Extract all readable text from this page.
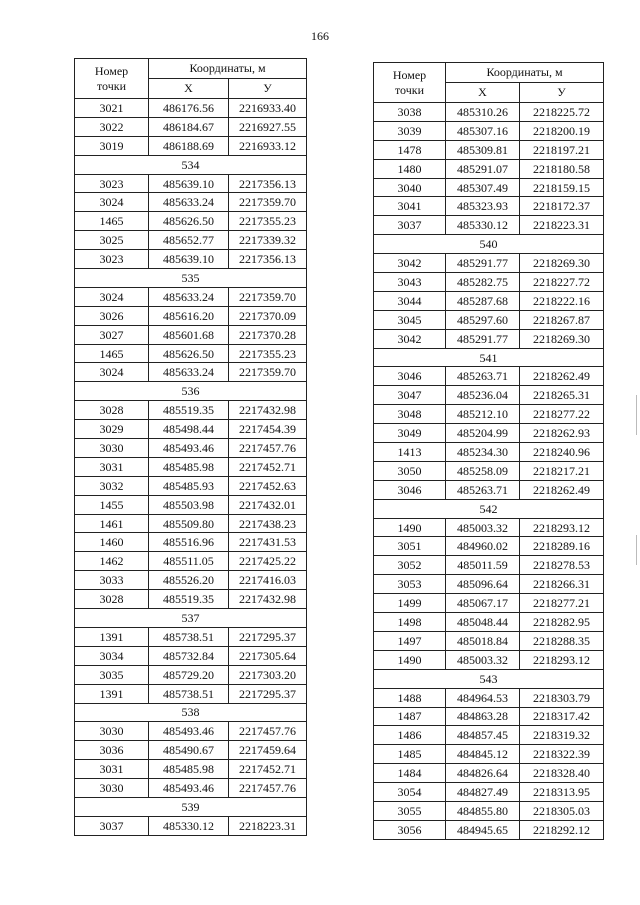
166
Номер
точки	Координаты, м	
	X	У
3021	486176.56	2216933.40
3022	486184.67	2216927.55
3019	486188.69	2216933.12
534		
3023	485639.10	2217356.13
3024	485633.24	2217359.70
1465	485626.50	2217355.23
3025	485652.77	2217339.32
3023	485639.10	2217356.13
535		
3024	485633.24	2217359.70
3026	485616.20	2217370.09
3027	485601.68	2217370.28
1465	485626.50	2217355.23
3024	485633.24	2217359.70
536		
3028	485519.35	2217432.98
3029	485498.44	2217454.39
3030	485493.46	2217457.76
3031	485485.98	2217452.71
3032	485485.93	2217452.63
1455	485503.98	2217432.01
1461	485509.80	2217438.23
1460	485516.96	2217431.53
1462	485511.05	2217425.22
3033	485526.20	2217416.03
3028	485519.35	2217432.98
537		
1391	485738.51	2217295.37
3034	485732.84	2217305.64
3035	485729.20	2217303.20
1391	485738.51	2217295.37
538		
3030	485493.46	2217457.76
3036	485490.67	2217459.64
3031	485485.98	2217452.71
3030	485493.46	2217457.76
539		
3037	485330.12	2218223.31
Номер
точки	Координаты, м	
	X	У
3038	485310.26	2218225.72
3039	485307.16	2218200.19
1478	485309.81	2218197.21
1480	485291.07	2218180.58
3040	485307.49	2218159.15
3041	485323.93	2218172.37
3037	485330.12	2218223.31
540		
3042	485291.77	2218269.30
3043	485282.75	2218227.72
3044	485287.68	2218222.16
3045	485297.60	2218267.87
3042	485291.77	2218269.30
541		
3046	485263.71	2218262.49
3047	485236.04	2218265.31
3048	485212.10	2218277.22
3049	485204.99	2218262.93
1413	485234.30	2218240.96
3050	485258.09	2218217.21
3046	485263.71	2218262.49
542		
1490	485003.32	2218293.12
3051	484960.02	2218289.16
3052	485011.59	2218278.53
3053	485096.64	2218266.31
1499	485067.17	2218277.21
1498	485048.44	2218282.95
1497	485018.84	2218288.35
1490	485003.32	2218293.12
543		
1488	484964.53	2218303.79
1487	484863.28	2218317.42
1486	484857.45	2218319.32
1485	484845.12	2218322.39
1484	484826.64	2218328.40
3054	484827.49	2218313.95
3055	484855.80	2218305.03
3056	484945.65	2218292.12
